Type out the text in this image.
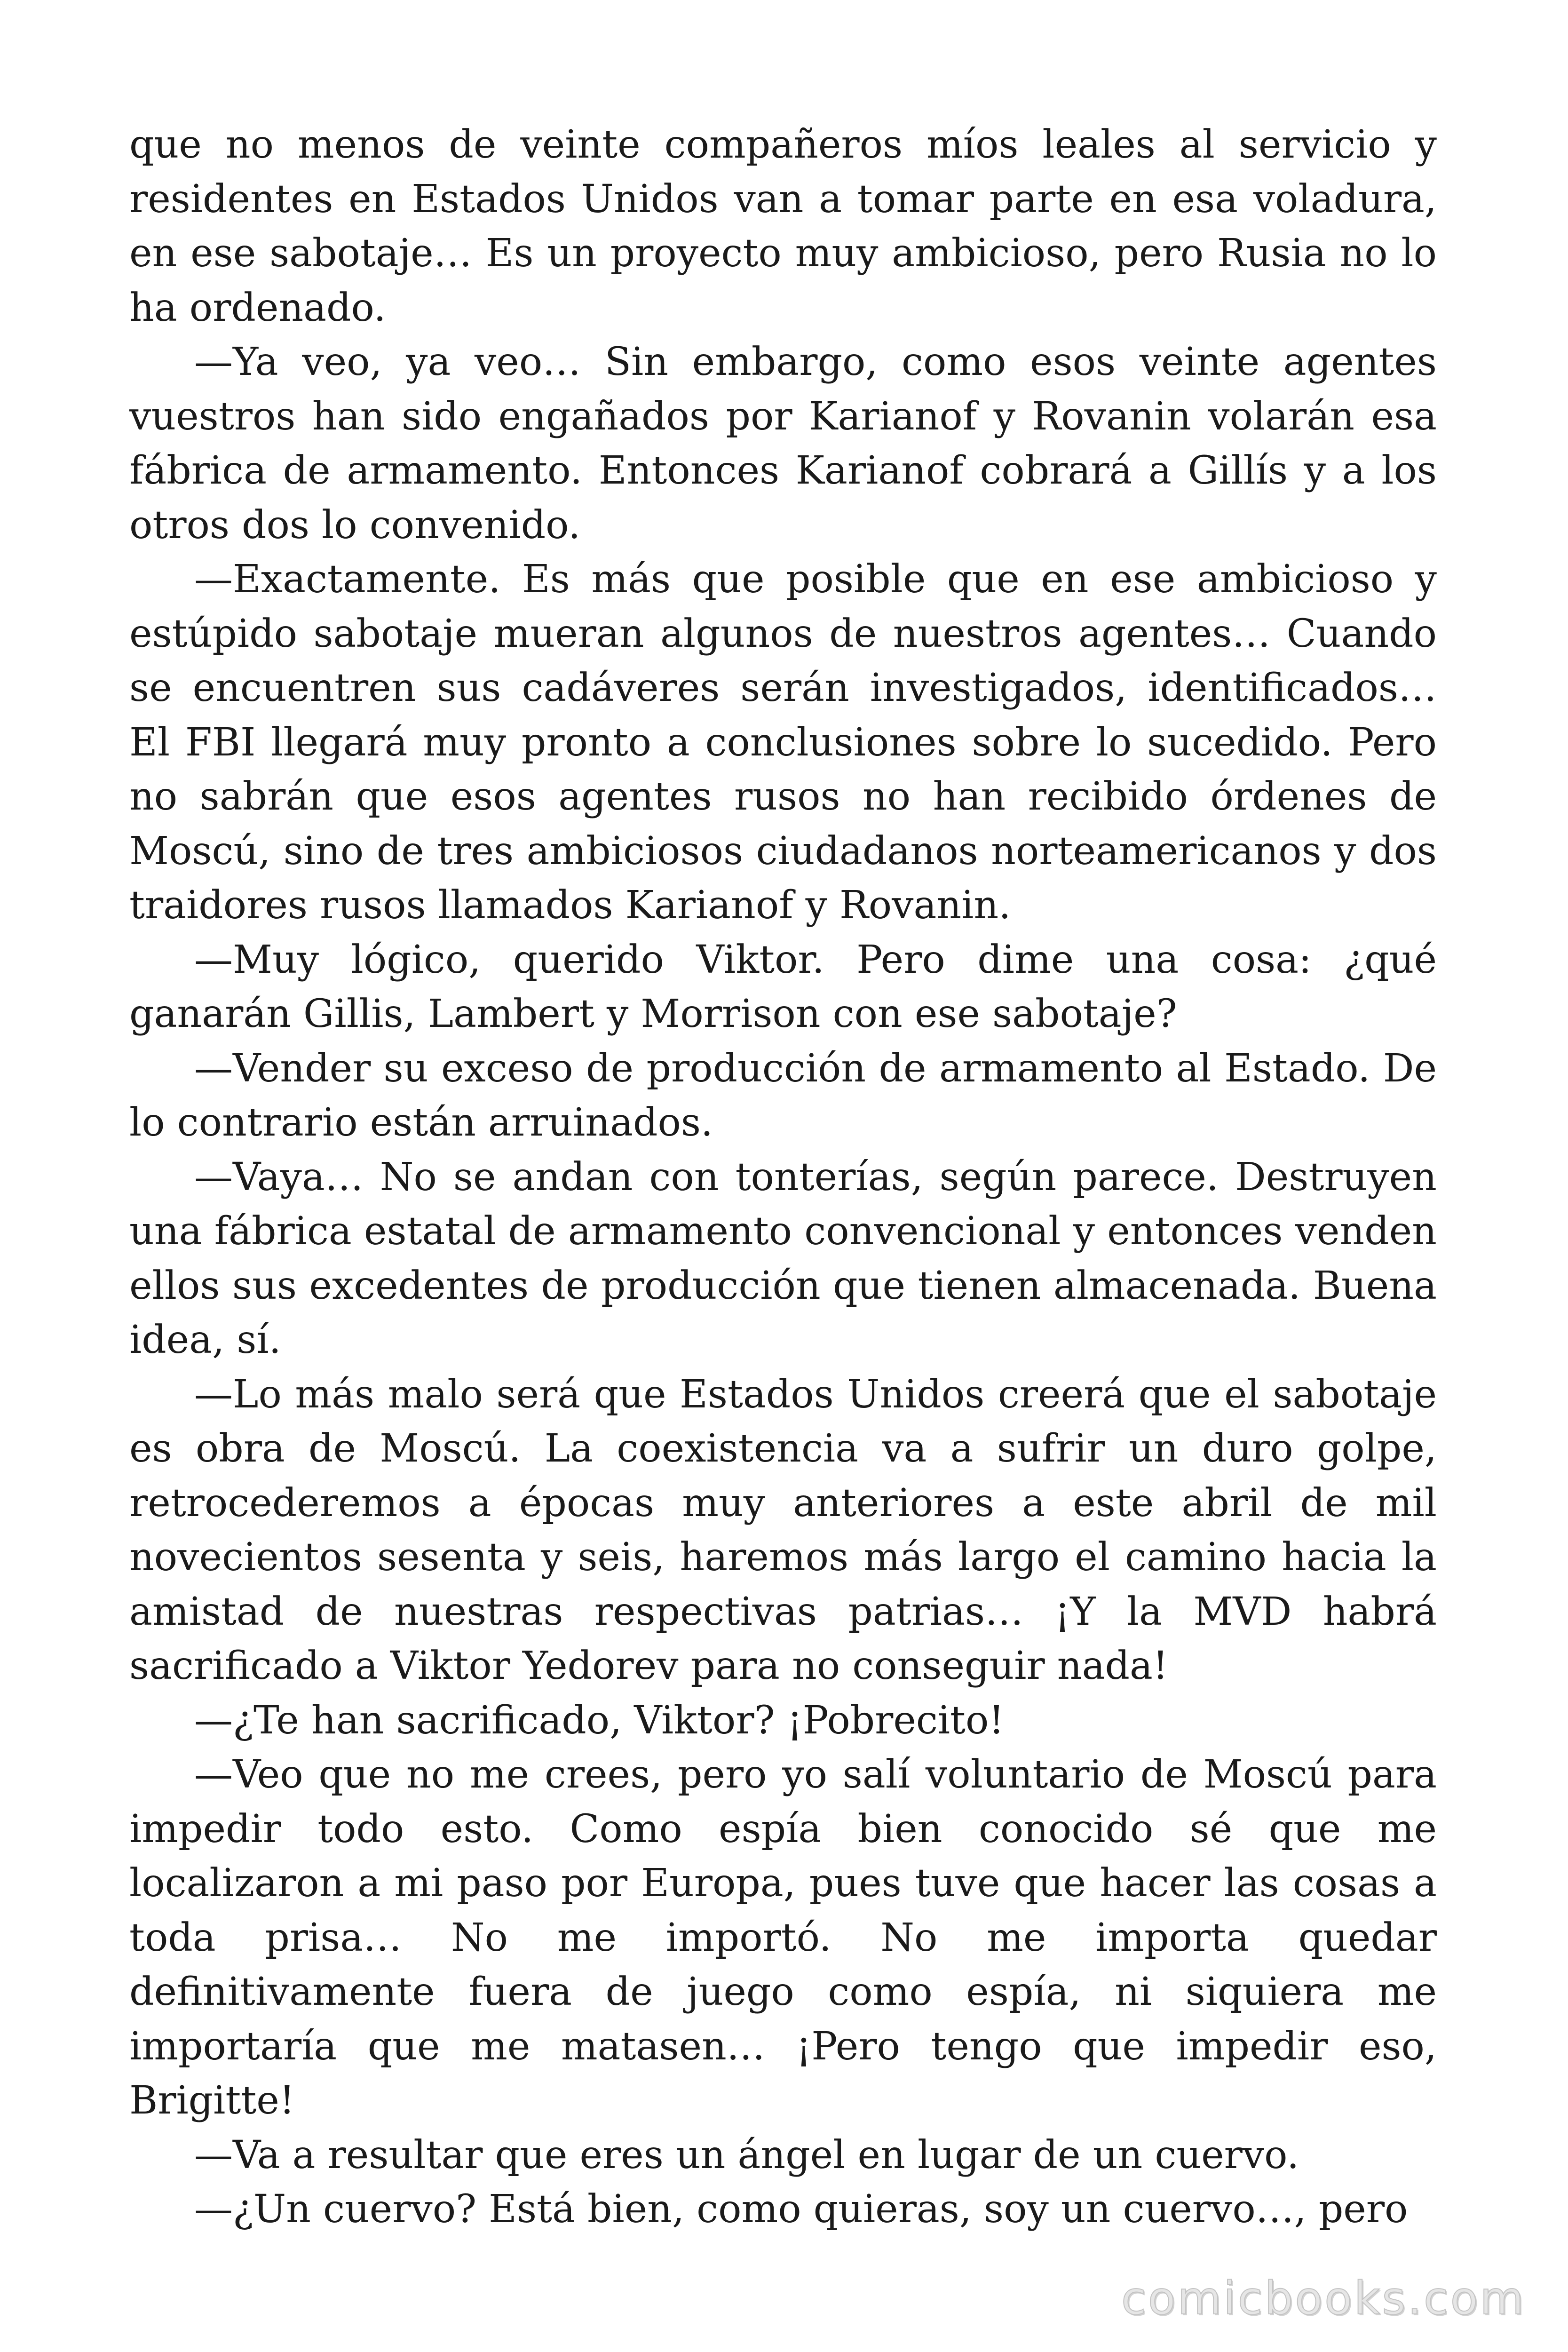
que no menos de veinte compañeros míos leales al servicio y residentes en Estados Unidos van a tomar parte en esa voladura, en ese sabotaje… Es un proyecto muy ambicioso, pero Rusia no lo ha ordenado.

—Ya veo, ya veo… Sin embargo, como esos veinte agentes vuestros han sido engañados por Karianof y Rovanin volarán esa fábrica de armamento. Entonces Karianof cobrará a Gillís y a los otros dos lo convenido.

—Exactamente. Es más que posible que en ese ambicioso y estúpido sabotaje mueran algunos de nuestros agentes… Cuando se encuentren sus cadáveres serán investigados, identificados… El FBI llegará muy pronto a conclusiones sobre lo sucedido. Pero no sabrán que esos agentes rusos no han recibido órdenes de Moscú, sino de tres ambiciosos ciudadanos norteamericanos y dos traidores rusos llamados Karianof y Rovanin.

—Muy lógico, querido Viktor. Pero dime una cosa: ¿qué ganarán Gillis, Lambert y Morrison con ese sabotaje?

—Vender su exceso de producción de armamento al Estado. De lo contrario están arruinados.

—Vaya… No se andan con tonterías, según parece. Destruyen una fábrica estatal de armamento convencional y entonces venden ellos sus excedentes de producción que tienen almacenada. Buena idea, sí.

—Lo más malo será que Estados Unidos creerá que el sabotaje es obra de Moscú. La coexistencia va a sufrir un duro golpe, retrocederemos a épocas muy anteriores a este abril de mil novecientos sesenta y seis, haremos más largo el camino hacia la amistad de nuestras respectivas patrias… ¡Y la MVD habrá sacrificado a Viktor Yedorev para no conseguir nada!

—¿Te han sacrificado, Viktor? ¡Pobrecito!

—Veo que no me crees, pero yo salí voluntario de Moscú para impedir todo esto. Como espía bien conocido sé que me localizaron a mi paso por Europa, pues tuve que hacer las cosas a toda prisa… No me importó. No me importa quedar definitivamente fuera de juego como espía, ni siquiera me importaría que me matasen… ¡Pero tengo que impedir eso, Brigitte!

—Va a resultar que eres un ángel en lugar de un cuervo.

—¿Un cuervo? Está bien, como quieras, soy un cuervo…, pero

comicbooks.com
